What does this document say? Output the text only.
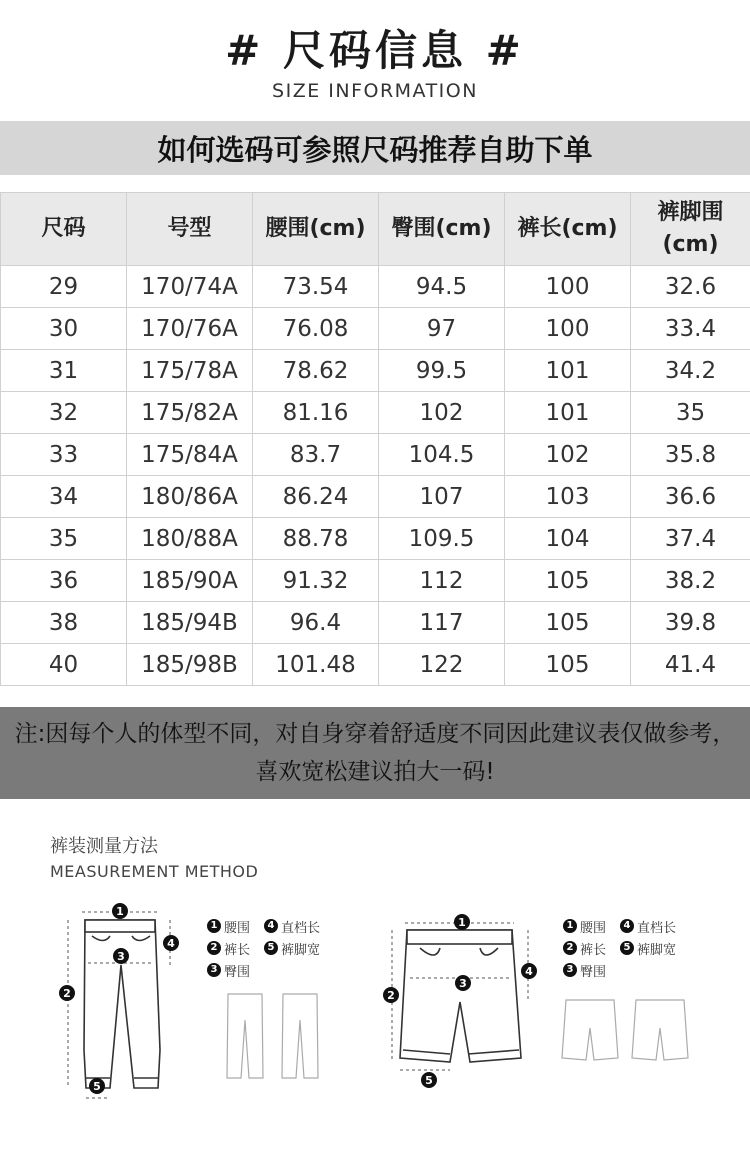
# 尺码信息 #
SIZE INFORMATION
如何选码可参照尺码推荐自助下单
尺码	号型	腰围(cm)	臀围(cm)	裤长(cm)	裤脚围(cm)
29	170/74A	73.54	94.5	100	32.6
30	170/76A	76.08	97	100	33.4
31	175/78A	78.62	99.5	101	34.2
32	175/82A	81.16	102	101	35
33	175/84A	83.7	104.5	102	35.8
34	180/86A	86.24	107	103	36.6
35	180/88A	88.78	109.5	104	37.4
36	185/90A	91.32	112	105	38.2
38	185/94B	96.4	117	105	39.8
40	185/98B	101.48	122	105	41.4
注:因每个人的体型不同，对自身穿着舒适度不同因此建议表仅做参考，喜欢宽松建议拍大一码!
裤装测量方法
MEASUREMENT METHOD
1
2
3
4
5
1
2
3
4
5
1 腰围	4 直档长
2 裤长	5 裤脚宽
3 臀围
1 腰围	4 直档长
2 裤长	5 裤脚宽
3 臀围
